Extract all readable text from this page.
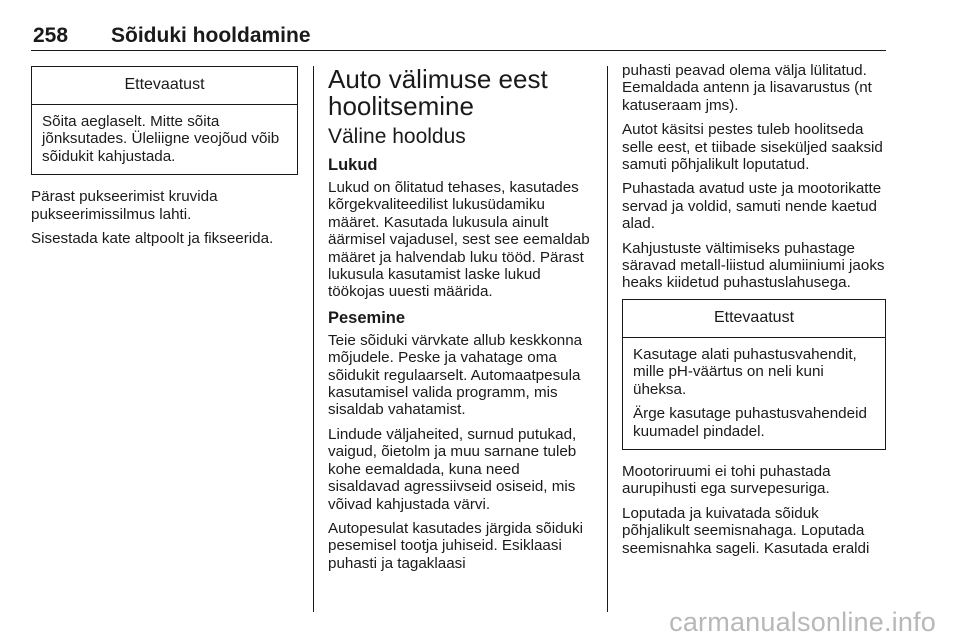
258 Sõiduki hooldamine
Ettevaatust

Sõita aeglaselt. Mitte sõita jõnksutades. Üleliigne veojõud võib sõidukit kahjustada.

Pärast pukseerimist kruvida pukseerimissilmus lahti.

Sisestada kate altpoolt ja fikseerida.

Auto välimuse eest hoolitsemine
Väline hooldus
Lukud

Lukud on õlitatud tehases, kasutades kõrgekvaliteedilist lukusüdamiku määret. Kasutada lukusula ainult äärmisel vajadusel, sest see eemaldab määret ja halvendab luku tööd. Pärast lukusula kasutamist laske lukud töökojas uuesti määrida.

Pesemine

Teie sõiduki värvkate allub keskkonna mõjudele. Peske ja vahatage oma sõidukit regulaarselt. Automaatpesula kasutamisel valida programm, mis sisaldab vahatamist.

Lindude väljaheited, surnud putukad, vaigud, õietolm ja muu sarnane tuleb kohe eemaldada, kuna need sisaldavad agressiivseid osiseid, mis võivad kahjustada värvi.

Autopesulat kasutades järgida sõiduki pesemisel tootja juhiseid. Esiklaasi puhasti ja tagaklaasi

puhasti peavad olema välja lülitatud. Eemaldada antenn ja lisavarustus (nt katuseraam jms).

Autot käsitsi pestes tuleb hoolitseda selle eest, et tiibade siseküljed saaksid samuti põhjalikult loputatud.

Puhastada avatud uste ja mootorikatte servad ja voldid, samuti nende kaetud alad.

Kahjustuste vältimiseks puhastage säravad metall-liistud alumiiniumi jaoks heaks kiidetud puhastuslahusega.

Ettevaatust

Kasutage alati puhastusvahendit, mille pH-väärtus on neli kuni üheksa.

Ärge kasutage puhastusvahendeid kuumadel pindadel.

Mootoriruumi ei tohi puhastada aurupihusti ega survepesuriga.

Loputada ja kuivatada sõiduk põhjalikult seemisnahaga. Loputada seemisnahka sageli. Kasutada eraldi

carmanualsonline.info
